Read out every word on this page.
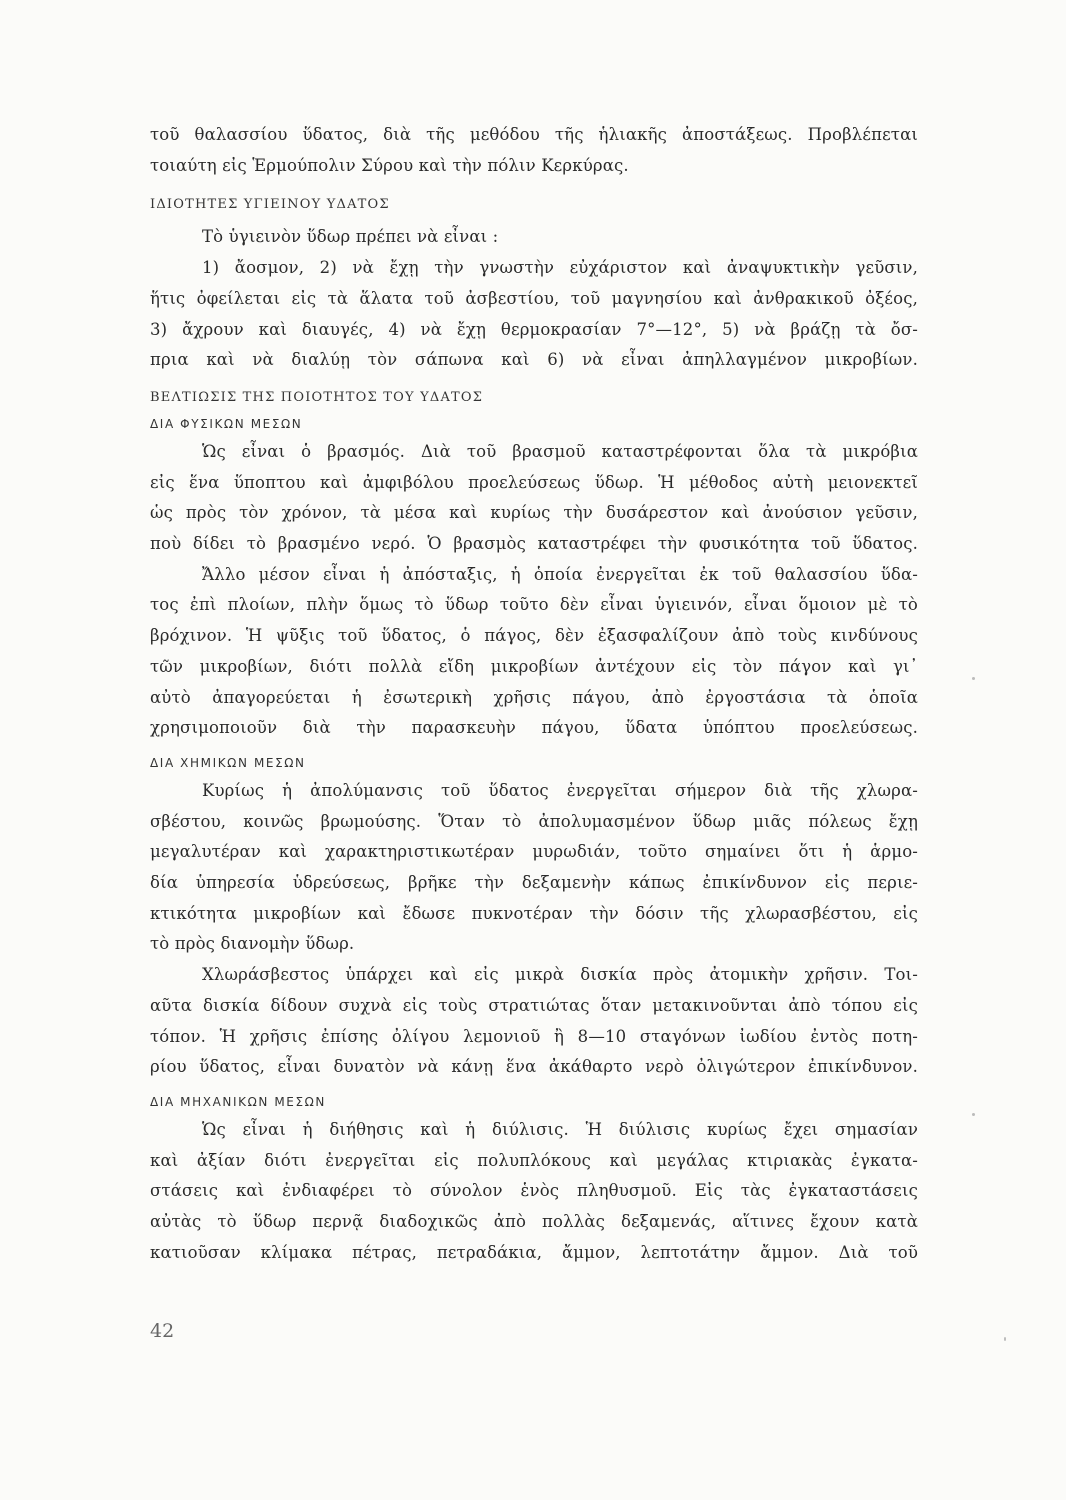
τοῦ θαλασσίου ὕδατος, διὰ τῆς μεθόδου τῆς ἡλιακῆς ἀποστάξεως. Προβλέπεται
τοιαύτη εἰς Ἑρμούπολιν Σύρου καὶ τὴν πόλιν Κερκύρας.

ΙΔΙΟΤΗΤΕΣ ΥΓΙΕΙΝΟΥ ΥΔΑΤΟΣ

Τὸ ὑγιεινὸν ὕδωρ πρέπει νὰ εἶναι :
1) ἄοσμον, 2) νὰ ἔχῃ τὴν γνωστὴν εὐχάριστον καὶ ἀναψυκτικὴν γεῦσιν,
ἥτις ὀφείλεται εἰς τὰ ἅλατα τοῦ ἀσβεστίου, τοῦ μαγνησίου καὶ ἀνθρακικοῦ ὀξέος,
3) ἄχρουν καὶ διαυγές, 4) νὰ ἔχῃ θερμοκρασίαν 7°—12°, 5) νὰ βράζῃ τὰ ὄσ-
πρια καὶ νὰ διαλύῃ τὸν σάπωνα καὶ 6) νὰ εἶναι ἀπηλλαγμένον μικροβίων.

ΒΕΛΤΙΩΣΙΣ ΤΗΣ ΠΟΙΟΤΗΤΟΣ ΤΟΥ ΥΔΑΤΟΣ
ΔΙΑ ΦΥΣΙΚΩΝ ΜΕΣΩΝ

Ὡς εἶναι ὁ βρασμός. Διὰ τοῦ βρασμοῦ καταστρέφονται ὅλα τὰ μικρόβια
εἰς ἕνα ὕποπτου καὶ ἀμφιβόλου προελεύσεως ὕδωρ. Ἡ μέθοδος αὐτὴ μειονεκτεῖ
ὡς πρὸς τὸν χρόνον, τὰ μέσα καὶ κυρίως τὴν δυσάρεστον καὶ ἀνούσιον γεῦσιν,
ποὺ δίδει τὸ βρασμένο νερό. Ὁ βρασμὸς καταστρέφει τὴν φυσικότητα τοῦ ὕδατος.

Ἄλλο μέσον εἶναι ἡ ἀπόσταξις, ἡ ὁποία ἐνεργεῖται ἐκ τοῦ θαλασσίου ὕδα-
τος ἐπὶ πλοίων, πλὴν ὅμως τὸ ὕδωρ τοῦτο δὲν εἶναι ὑγιεινόν, εἶναι ὅμοιον μὲ τὸ
βρόχινον. Ἡ ψῦξις τοῦ ὕδατος, ὁ πάγος, δὲν ἐξασφαλίζουν ἀπὸ τοὺς κινδύνους
τῶν μικροβίων, διότι πολλὰ εἴδη μικροβίων ἀντέχουν εἰς τὸν πάγον καὶ γι᾿
αὐτὸ ἀπαγορεύεται ἡ ἐσωτερικὴ χρῆσις πάγου, ἀπὸ ἐργοστάσια τὰ ὁποῖα
χρησιμοποιοῦν διὰ τὴν παρασκευὴν πάγου, ὕδατα ὑπόπτου προελεύσεως.

ΔΙΑ ΧΗΜΙΚΩΝ ΜΕΣΩΝ

Κυρίως ἡ ἀπολύμανσις τοῦ ὕδατος ἐνεργεῖται σήμερον διὰ τῆς χλωρα-
σβέστου, κοινῶς βρωμούσης. Ὅταν τὸ ἀπολυμασμένον ὕδωρ μιᾶς πόλεως ἔχῃ
μεγαλυτέραν καὶ χαρακτηριστικωτέραν μυρωδιάν, τοῦτο σημαίνει ὅτι ἡ ἁρμο-
δία ὑπηρεσία ὑδρεύσεως, βρῆκε τὴν δεξαμενὴν κάπως ἐπικίνδυνον εἰς περιε-
κτικότητα μικροβίων καὶ ἔδωσε πυκνοτέραν τὴν δόσιν τῆς χλωρασβέστου, εἰς
τὸ πρὸς διανομὴν ὕδωρ.

Χλωράσβεστος ὑπάρχει καὶ εἰς μικρὰ δισκία πρὸς ἀτομικὴν χρῆσιν. Τοι-
αῦτα δισκία δίδουν συχνὰ εἰς τοὺς στρατιώτας ὅταν μετακινοῦνται ἀπὸ τόπου εἰς
τόπον. Ἡ χρῆσις ἐπίσης ὀλίγου λεμονιοῦ ἢ 8—10 σταγόνων ἰωδίου ἐντὸς ποτη-
ρίου ὕδατος, εἶναι δυνατὸν νὰ κάνῃ ἕνα ἀκάθαρτο νερὸ ὀλιγώτερον ἐπικίνδυνον.

ΔΙΑ ΜΗΧΑΝΙΚΩΝ ΜΕΣΩΝ

Ὡς εἶναι ἡ διήθησις καὶ ἡ διύλισις. Ἡ διύλισις κυρίως ἔχει σημασίαν
καὶ ἀξίαν διότι ἐνεργεῖται εἰς πολυπλόκους καὶ μεγάλας κτιριακὰς ἐγκατα-
στάσεις καὶ ἐνδιαφέρει τὸ σύνολον ἑνὸς πληθυσμοῦ. Εἰς τὰς ἐγκαταστάσεις
αὐτὰς τὸ ὕδωρ περνᾷ διαδοχικῶς ἀπὸ πολλὰς δεξαμενάς, αἵτινες ἔχουν κατὰ
κατιοῦσαν κλίμακα πέτρας, πετραδάκια, ἄμμον, λεπτοτάτην ἄμμον. Διὰ τοῦ

42
